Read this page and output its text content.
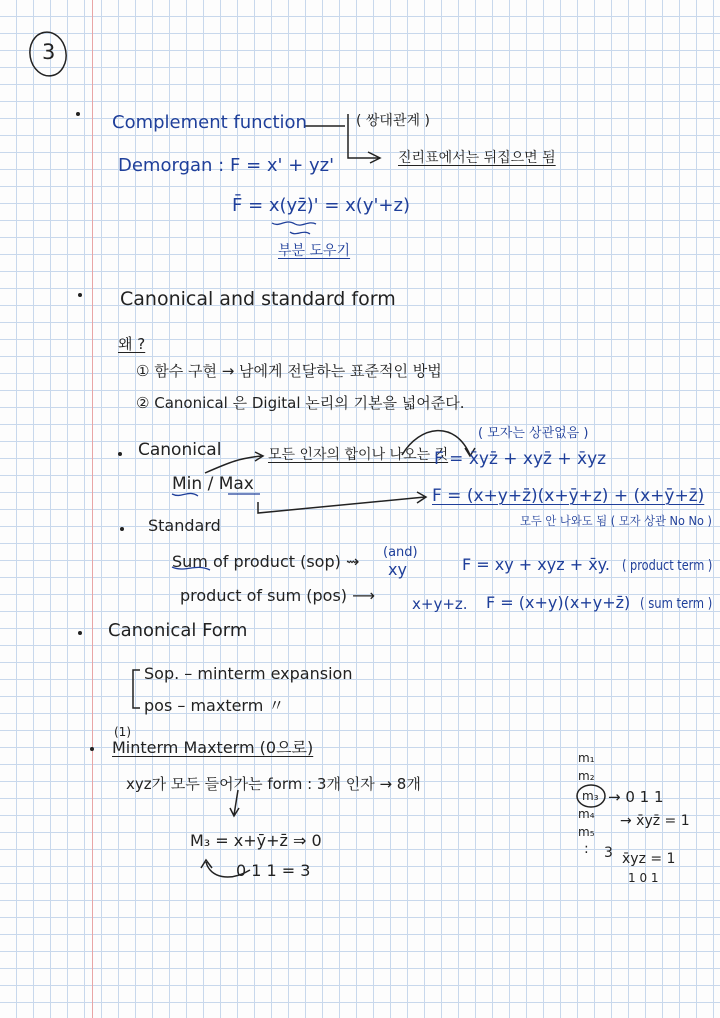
3
Complement function	( 쌍대관계 )
진리표에서는 뒤집으면 됨
Demorgan : F = x' + yz'
F̄ = x(yz̄)' = x(y'+z)
부분 도우기
Canonical and standard form
왜 ?
① 함수 구현 → 남에게 전달하는 표준적인 방법
② Canonical 은 Digital 논리의 기본을 넓어준다.
Canonical
Min / Max
모든 인자의 합이나 나오는 것
( 모자는 상관없음 )
F = x̄yz̄ + xyz̄ + x̄yz
F = (x+y+z̄)(x+ȳ+z) + (x+ȳ+z̄)
모두 안 나와도 됨 ( 모자 상관 No No )
Standard
Sum of product (sop) ⇝ (and)
xy	F = xy + xyz + x̄y. ( product term )
product of sum (pos) ⟶ x+y+z. F = (x+y)(x+y+z̄) ( sum term )
Canonical Form
Sop. – minterm expansion
pos – maxterm 〃
(1)
Minterm Maxterm (0으로)
xyz가 모두 들어가는 form : 3개 인자 → 8개
M₃ = x+ȳ+z̄ ⇒ 0
0 1 1 = 3
m₁
m₂
m₃ → 0 1 1
→ x̄yz̄ = 1
m₄
m₅
: 3 x̄yz = 1
1 0 1
